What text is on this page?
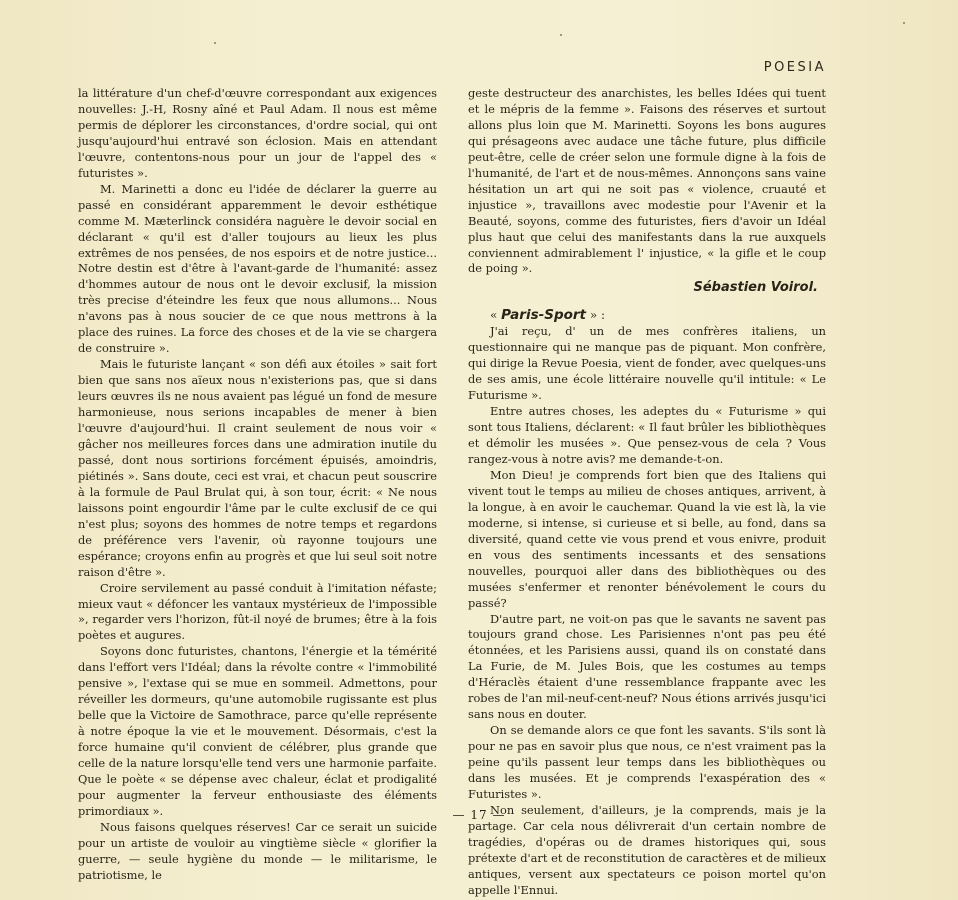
POESIA

la littérature d'un chef-d'œuvre correspondant aux exigences nouvelles: J.-H, Rosny aîné et Paul Adam. Il nous est même permis de déplorer les circonstances, d'ordre social, qui ont jusqu'aujourd'hui entravé son éclosion. Mais en attendant l'œuvre, contentons-nous pour un jour de l'appel des « futuristes ».

M. Marinetti a donc eu l'idée de déclarer la guerre au passé en considérant apparemment le devoir esthétique comme M. Mæterlinck considéra naguère le devoir social en déclarant « qu'il est d'aller toujours au lieux les plus extrêmes de nos pensées, de nos espoirs et de notre justice... Notre destin est d'être à l'avant-garde de l'humanité: assez d'hommes autour de nous ont le devoir exclusif, la mission très precise d'éteindre les feux que nous allumons... Nous n'avons pas à nous soucier de ce que nous mettrons à la place des ruines. La force des choses et de la vie se chargera de construire ».

Mais le futuriste lançant « son défi aux étoiles » sait fort bien que sans nos aïeux nous n'existerions pas, que si dans leurs œuvres ils ne nous avaient pas légué un fond de mesure harmonieuse, nous serions incapables de mener à bien l'œuvre d'aujourd'hui. Il craint seulement de nous voir « gâcher nos meilleures forces dans une admiration inutile du passé, dont nous sortirions forcément épuisés, amoindris, piétinés ». Sans doute, ceci est vrai, et chacun peut souscrire à la formule de Paul Brulat qui, à son tour, écrit: « Ne nous laissons point engourdir l'âme par le culte exclusif de ce qui n'est plus; soyons des hommes de notre temps et regardons de préférence vers l'avenir, où rayonne toujours une espérance; croyons enfin au progrès et que lui seul soit notre raison d'être ».

Croire servilement au passé conduit à l'imitation néfaste; mieux vaut « défoncer les vantaux mystérieux de l'impossible », regarder vers l'horizon, fût-il noyé de brumes; être à la fois poètes et augures.

Soyons donc futuristes, chantons, l'énergie et la témérité dans l'effort vers l'Idéal; dans la révolte contre « l'immobilité pensive », l'extase qui se mue en sommeil. Admettons, pour réveiller les dormeurs, qu'une automobile rugissante est plus belle que la Victoire de Samothrace, parce qu'elle représente à notre époque la vie et le mouvement. Désormais, c'est la force humaine qu'il convient de célébrer, plus grande que celle de la nature lorsqu'elle tend vers une harmonie parfaite. Que le poète « se dépense avec chaleur, éclat et prodigalité pour augmenter la ferveur enthousiaste des éléments primordiaux ».

Nous faisons quelques réserves! Car ce serait un suicide pour un artiste de vouloir au vingtième siècle « glorifier la guerre, — seule hygiène du monde — le militarisme, le patriotisme, le

geste destructeur des anarchistes, les belles Idées qui tuent et le mépris de la femme ». Faisons des réserves et surtout allons plus loin que M. Marinetti. Soyons les bons augures qui présageons avec audace une tâche future, plus difficile peut-être, celle de créer selon une formule digne à la fois de l'humanité, de l'art et de nous-mêmes. Annonçons sans vaine hésitation un art qui ne soit pas « violence, cruauté et injustice », travaillons avec modestie pour l'Avenir et la Beauté, soyons, comme des futuristes, fiers d'avoir un Idéal plus haut que celui des manifestants dans la rue auxquels conviennent admirablement l' injustice, « la gifle et le coup de poing ».

Sébastien Voirol.

« Paris-Sport » :

J'ai reçu, d' un de mes confrères italiens, un questionnaire qui ne manque pas de piquant. Mon confrère, qui dirige la Revue Poesia, vient de fonder, avec quelques-uns de ses amis, une école littéraire nouvelle qu'il intitule: « Le Futurisme ».

Entre autres choses, les adeptes du « Futurisme » qui sont tous Italiens, déclarent: « Il faut brûler les bibliothèques et démolir les musées ». Que pensez-vous de cela ? Vous rangez-vous à notre avis? me demande-t-on.

Mon Dieu! je comprends fort bien que des Italiens qui vivent tout le temps au milieu de choses antiques, arrivent, à la longue, à en avoir le cauchemar. Quand la vie est là, la vie moderne, si intense, si curieuse et si belle, au fond, dans sa diversité, quand cette vie vous prend et vous enivre, produit en vous des sentiments incessants et des sensations nouvelles, pourquoi aller dans des bibliothèques ou des musées s'enfermer et renonter bénévolement le cours du passé?

D'autre part, ne voit-on pas que le savants ne savent pas toujours grand chose. Les Parisiennes n'ont pas peu été étonnées, et les Parisiens aussi, quand ils on constaté dans La Furie, de M. Jules Bois, que les costumes au temps d'Héraclès étaient d'une ressemblance frappante avec les robes de l'an mil-neuf-cent-neuf? Nous étions arrivés jusqu'ici sans nous en douter.

On se demande alors ce que font les savants. S'ils sont là pour ne pas en savoir plus que nous, ce n'est vraiment pas la peine qu'ils passent leur temps dans les bibliothèques ou dans les musées. Et je comprends l'exaspération des « Futuristes ».

Non seulement, d'ailleurs, je la comprends, mais je la partage. Car cela nous délivrerait d'un certain nombre de tragédies, d'opéras ou de drames historiques qui, sous prétexte d'art et de reconstitution de caractères et de milieux antiques, versent aux spectateurs ce poison mortel qu'on appelle l'Ennui.

— 17 —
